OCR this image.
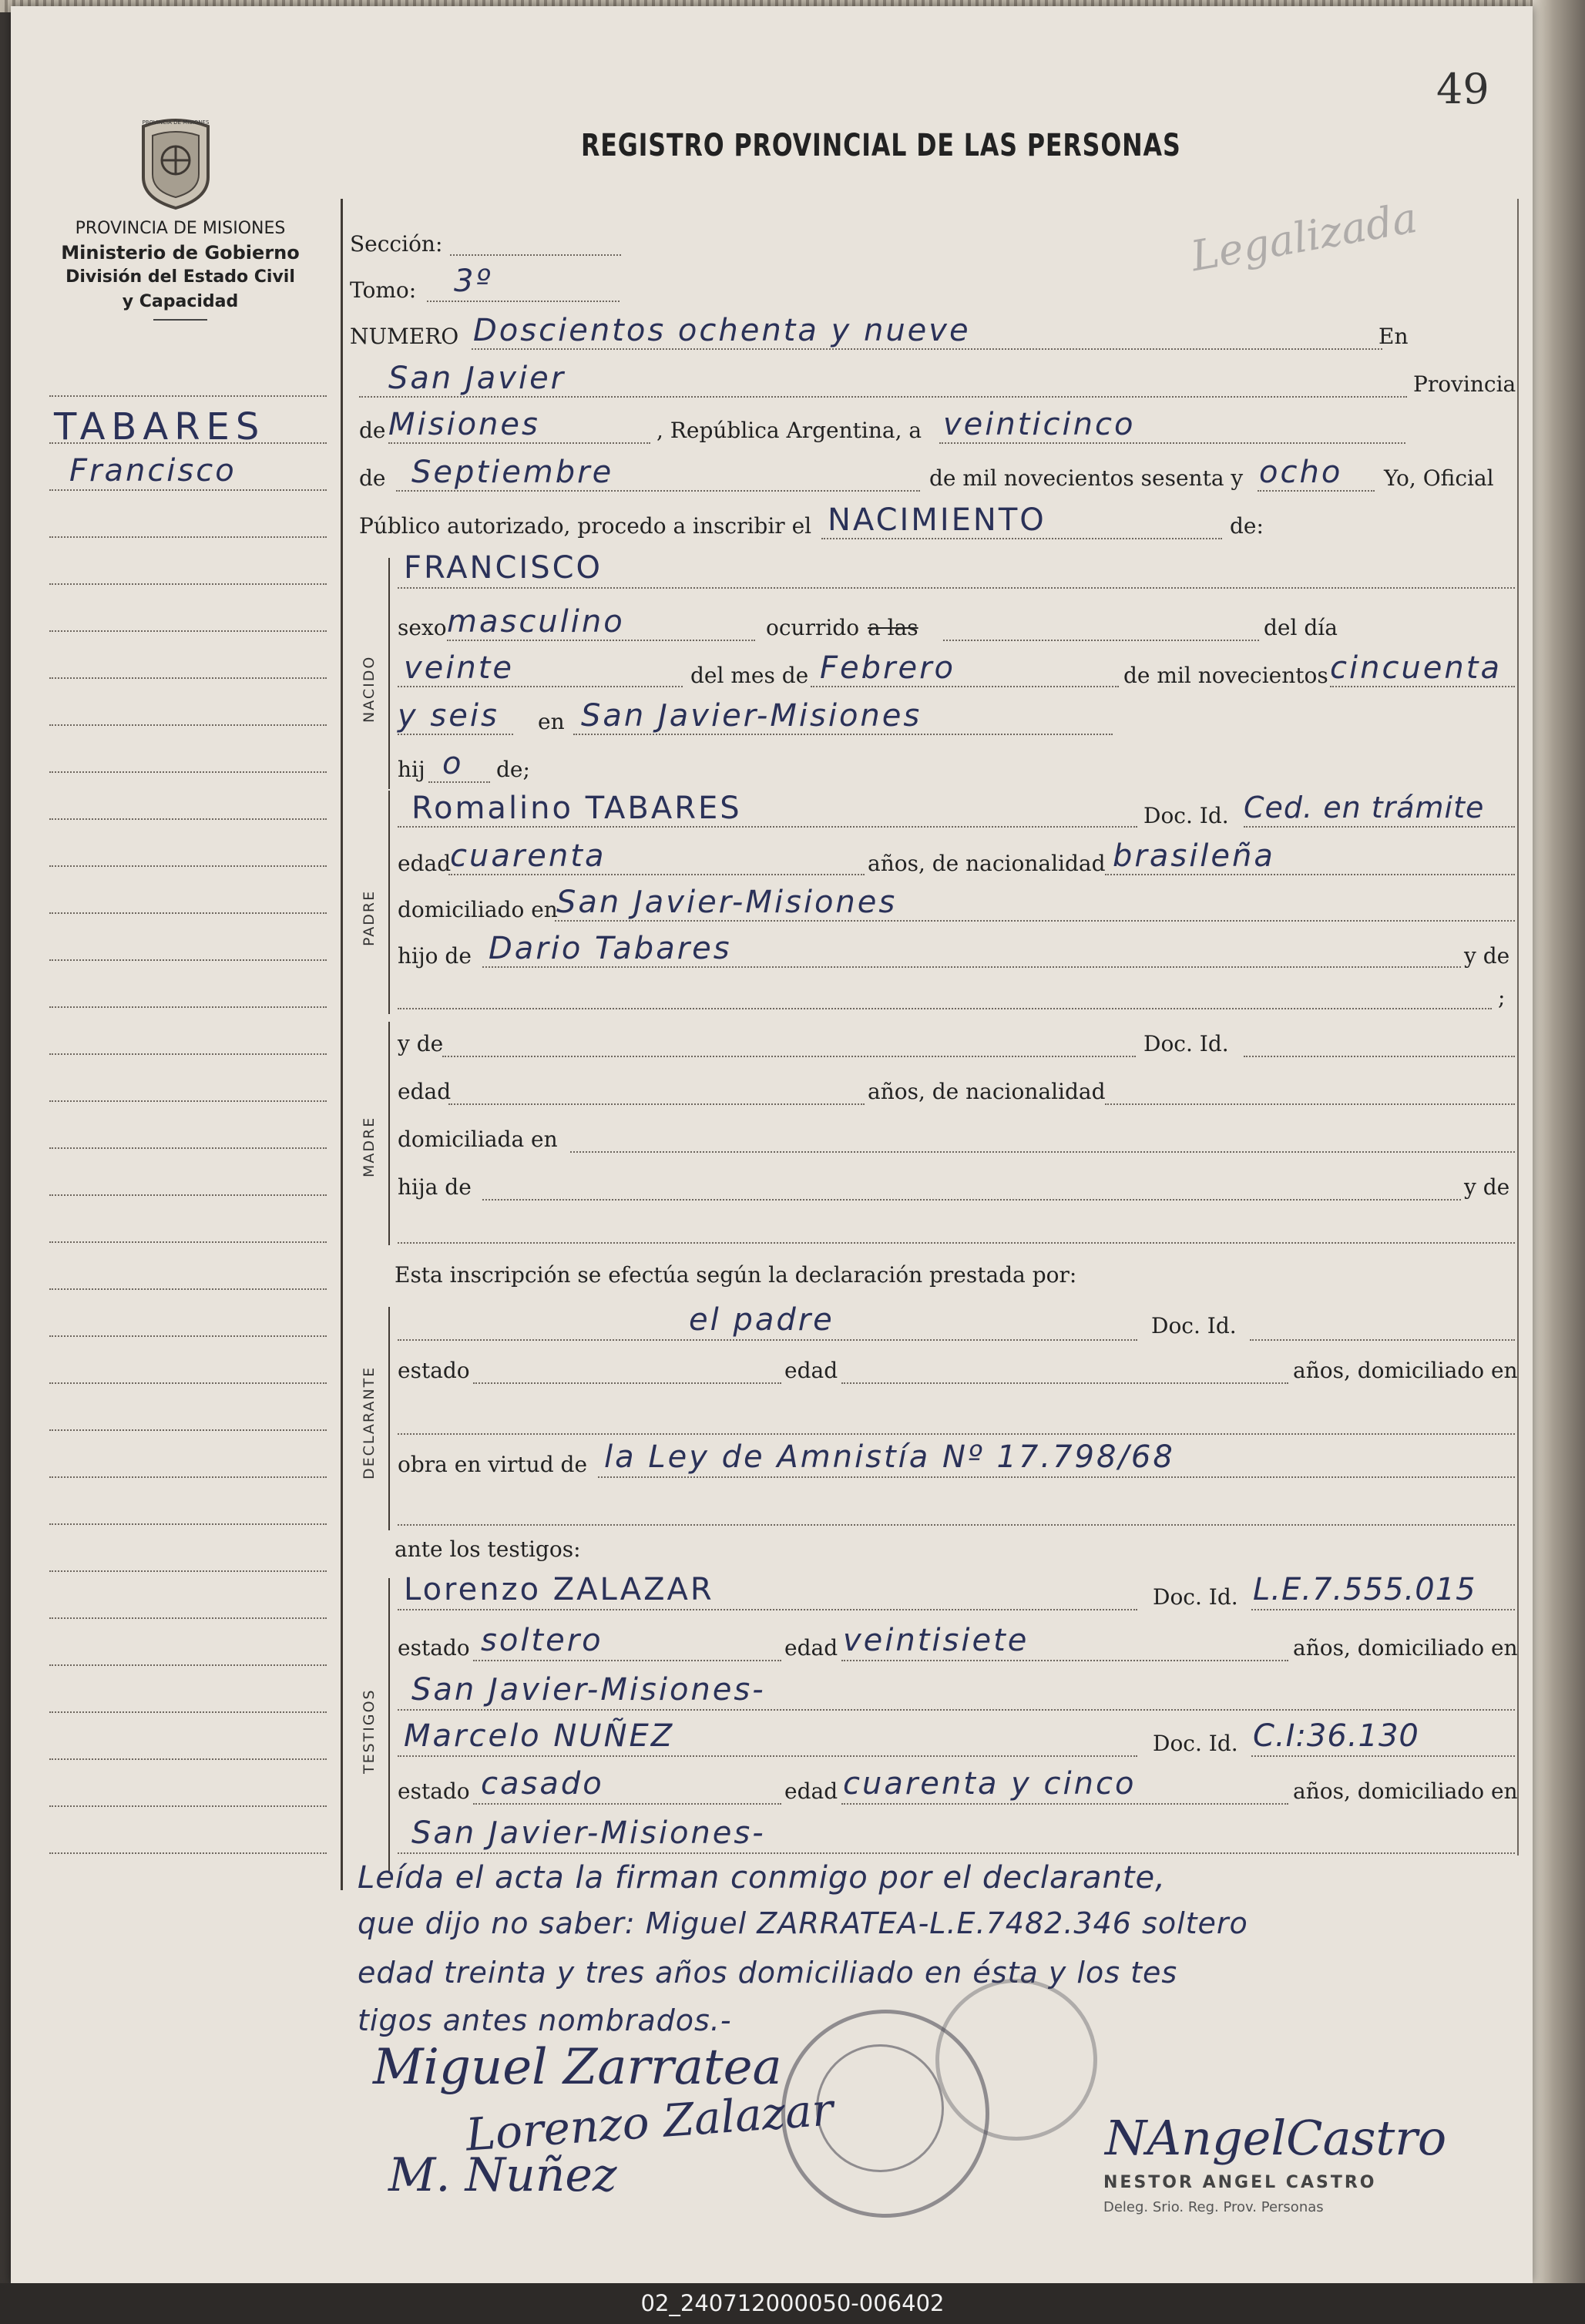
49
PROVINCIA DE MISIONES
PROVINCIA DE MISIONES
Ministerio de Gobierno
División del Estado Civil
y Capacidad
REGISTRO PROVINCIAL DE LAS PERSONAS
Legalizada
TABARES
Francisco
Sección:
Tomo: 3º
NUMERO Doscientos ochenta y nueve	En
San Javier	Provincia
de Misiones	, República Argentina, a veinticinco
de Septiembre	de mil novecientos sesenta y ocho Yo, Oficial
Público autorizado, procedo a inscribir el NACIMIENTO	de:
NACIDO
FRANCISCO
sexo masculino	ocurrido a las	del día
veinte	del mes de Febrero	de mil novecientos cincuenta
y seis en San Javier-Misiones
hij o de;
PADRE
Romalino TABARES	Doc. Id. Ced. en trámite
edad
cuarenta	años, de nacionalidad brasileña
domiciliado en
San Javier-Misiones
hijo de Dario Tabares	y de
;
MADRE
y de	Doc. Id.
edad	años, de nacionalidad
domiciliada en
hija de	y de
Esta inscripción se efectúa según la declaración prestada por:
DECLARANTE
el padre	Doc. Id.
estado	edad	años, domiciliado en
obra en virtud de la Ley de Amnistía Nº 17.798/68
ante los testigos:
TESTIGOS
Lorenzo ZALAZAR	Doc. Id. L.E.7.555.015
estado soltero	edad veintisiete	años, domiciliado en
San Javier-Misiones-
Marcelo NUÑEZ	Doc. Id. C.I:36.130
estado casado	edad cuarenta y cinco	años, domiciliado en
San Javier-Misiones-
Leída el acta la firman conmigo por el declarante,
que dijo no saber: Miguel ZARRATEA-L.E.7482.346 soltero
edad treinta y tres años domiciliado en ésta y los tes
tigos antes nombrados.-
Miguel Zarratea
Lorenzo Zalazar
M. Nuñez
NAngelCastro
NESTOR ANGEL CASTRO
Deleg. Srio. Reg. Prov. Personas
02_240712000050-006402
